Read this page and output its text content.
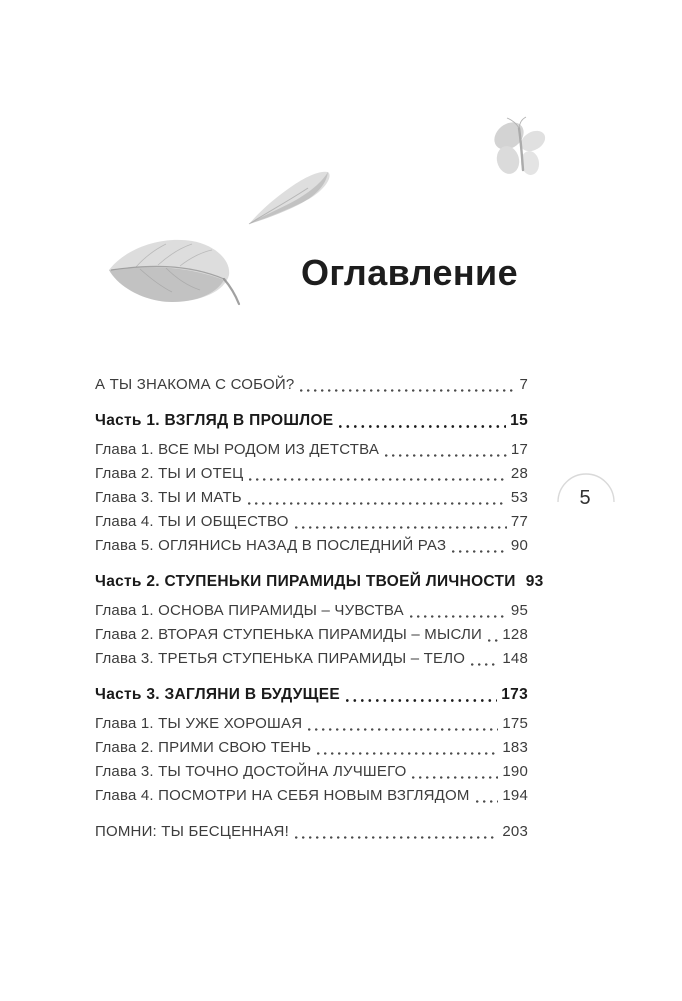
Оглавление
5
А ТЫ ЗНАКОМА С СОБОЙ?	7
Часть 1. ВЗГЛЯД В ПРОШЛОЕ	15
Глава 1. ВСЕ МЫ РОДОМ ИЗ ДЕТСТВА	17
Глава 2. ТЫ И ОТЕЦ	28
Глава 3. ТЫ И МАТЬ	53
Глава 4. ТЫ И ОБЩЕСТВО	77
Глава 5. ОГЛЯНИСЬ НАЗАД В ПОСЛЕДНИЙ РАЗ	90
Часть 2. СТУПЕНЬКИ ПИРАМИДЫ ТВОЕЙ ЛИЧНОСТИ 93
Глава 1. ОСНОВА ПИРАМИДЫ – ЧУВСТВА	95
Глава 2. ВТОРАЯ СТУПЕНЬКА ПИРАМИДЫ – МЫСЛИ 128
Глава 3. ТРЕТЬЯ СТУПЕНЬКА ПИРАМИДЫ – ТЕЛО 148
Часть 3. ЗАГЛЯНИ В БУДУЩЕЕ	173
Глава 1. ТЫ УЖЕ ХОРОШАЯ	175
Глава 2. ПРИМИ СВОЮ ТЕНЬ	183
Глава 3. ТЫ ТОЧНО ДОСТОЙНА ЛУЧШЕГО	190
Глава 4. ПОСМОТРИ НА СЕБЯ НОВЫМ ВЗГЛЯДОМ 194
ПОМНИ: ТЫ БЕСЦЕННАЯ!	203
